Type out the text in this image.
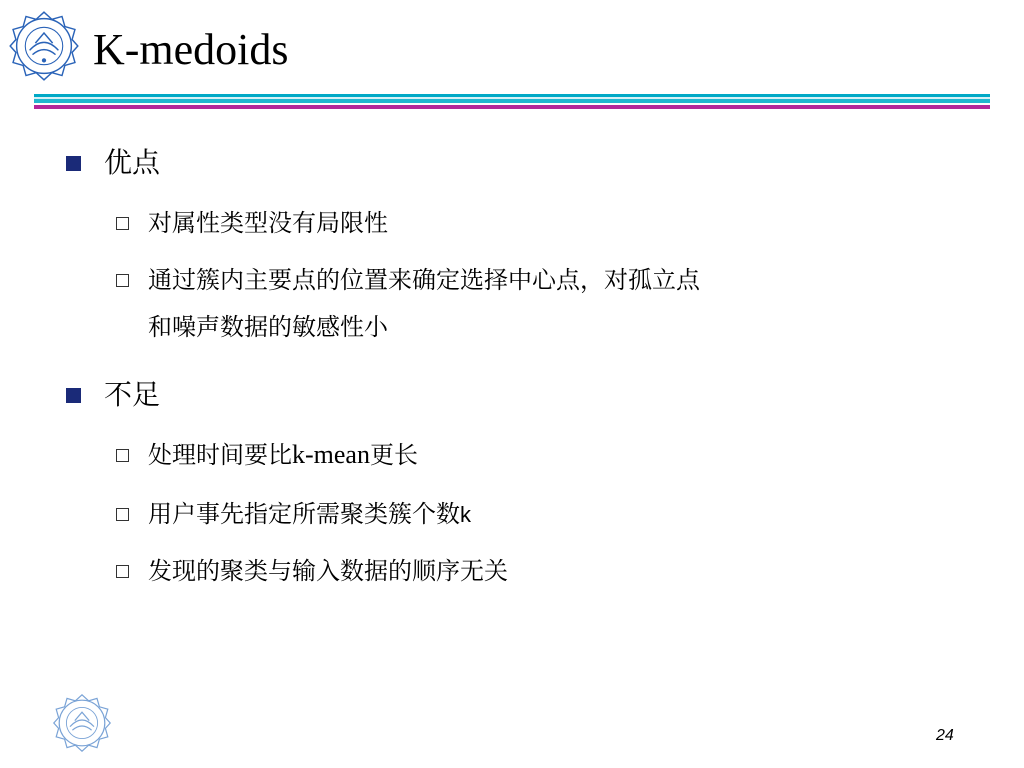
K-medoids
优点
对属性类型没有局限性
通过簇内主要点的位置来确定选择中心点，对孤立点
和噪声数据的敏感性小
不足
处理时间要比k-mean更长
用户事先指定所需聚类簇个数k
发现的聚类与输入数据的顺序无关
24
